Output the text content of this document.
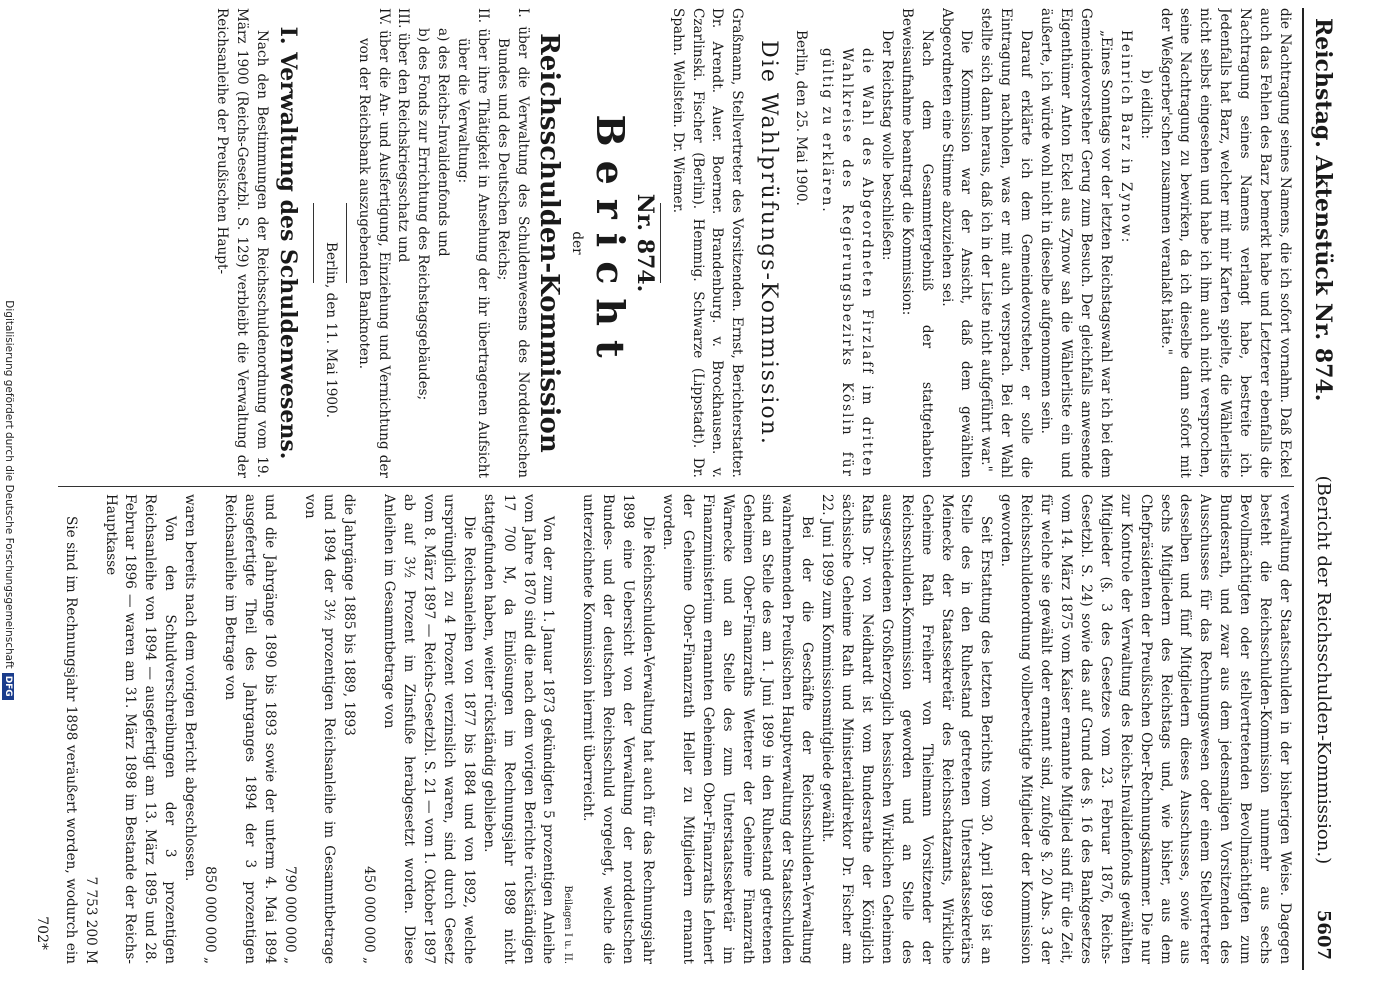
Reichstag. Aktenstück Nr. 874.
(Bericht der Reichsschulden-Kommission.)        5607

die Nachtragung seines Namens, die ich sofort vornahm. Daß Eckel auch das Fehlen des Barz bemerkt habe und Letzterer ebenfalls die Nachtragung seines Namens verlangt habe, bestreite ich. Jedenfalls hat Barz, welcher mit mir Karten spielte, die Wählerliste nicht selbst eingesehen und habe ich ihm auch nicht versprochen, seine Nachtragung zu bewirken, da ich dieselbe dann sofort mit der Weßgerber'schen zusammen veranlaßt hätte."

b) eidlich:

Heinrich Barz in Zynow:

„Eines Sonntags vor der letzten Reichstagswahl war ich bei dem Gemeindevorsteher Gerug zum Besuch. Der gleichfalls anwesende Eigenthümer Anton Eckel aus Zynow sah die Wählerliste ein und äußerte, ich würde wohl nicht in dieselbe aufgenommen sein.

Darauf erklärte ich dem Gemeindevorsteher, er solle die Eintragung nachholen, was er mit auch versprach. Bei der Wahl stellte sich dann heraus, daß ich in der Liste nicht aufgeführt war."

Die Kommission war der Ansicht, daß dem gewählten Abgeordneten eine Stimme abzuziehen sei.

Nach dem Gesammtergebniß der stattgehabten Beweisaufnahme beantragt die Kommission:

Der Reichstag wolle beschließen:

die Wahl des Abgeordneten Firzlaff im dritten Wahlkreise des Regierungsbezirks Köslin für gültig zu erklären.

Berlin, den 25. Mai 1900.

Die Wahlprüfungs-Kommission.

Graßmann, Stellvertreter des Vorsitzenden. Ernst, Berichterstatter. Dr. Arendt. Auer. Boerner. Brandenburg. v. Brockhausen. v. Czarlinski. Fischer (Berlin). Hemmig. Schwarze (Lippstadt). Dr. Spahn. Wellstein. Dr. Wiemer.

Nr. 874.

Bericht

der

Reichsschulden-Kommission

I. über die Verwaltung des Schuldenwesens des Norddeutschen Bundes und des Deutschen Reichs;

II. über ihre Thätigkeit in Ansehung der ihr übertragenen Aufsicht über die Verwaltung:

a) des Reichs-Invalidenfonds und

b) des Fonds zur Errichtung des Reichstagsgebäudes;

III. über den Reichskriegsschatz und

IV. über die An- und Ausfertigung, Einziehung und Vernichtung der von der Reichsbank auszugebenden Banknoten.

Berlin, den 11. Mai 1900.

I. Verwaltung des Schuldenwesens.

Nach den Bestimmungen der Reichsschuldenordnung vom 19. März 1900 (Reichs-Gesetzbl. S. 129) verbleibt die Verwaltung der Reichsanleihe der Preußischen Haupt-

verwaltung der Staatsschulden in der bisherigen Weise. Dagegen besteht die Reichsschulden-Kommission nunmehr aus sechs Bevollmächtigten oder stellvertretenden Bevollmächtigten zum Bundesrath, und zwar aus dem jedesmaligen Vorsitzenden des Ausschusses für das Rechnungswesen oder einem Stellvertreter desselben und fünf Mitgliedern dieses Ausschusses, sowie aus sechs Mitgliedern des Reichstags und, wie bisher, aus dem Chefpräsidenten der Preußischen Ober-Rechnungskammer. Die nur zur Kontrole der Verwaltung des Reichs-Invalidenfonds gewählten Mitglieder (§. 3 des Gesetzes vom 23. Februar 1876, Reichs-Gesetzbl. S. 24) sowie das auf Grund des §. 16 des Bankgesetzes vom 14. März 1875 vom Kaiser ernannte Mitglied sind für die Zeit, für welche sie gewählt oder ernannt sind, zufolge §. 20 Abs. 3 der Reichsschuldenordnung vollberechtigte Mitglieder der Kommission geworden.

Seit Erstattung des letzten Berichts vom 30. April 1899 ist an Stelle des in den Ruhestand getretenen Unterstaatssekretärs Meinecke der Staatssekretär des Reichsschatzamts, Wirkliche Geheime Rath Freiherr von Thielmann Vorsitzender der Reichsschulden-Kommission geworden und an Stelle des ausgeschiedenen Großherzoglich hessischen Wirklichen Geheimen Raths Dr. von Neidhardt ist vom Bundesrathe der Königlich sächsische Geheime Rath und Ministerialdirektor Dr. Fischer am 22. Juni 1899 zum Kommissionsmitgliede gewählt.

Bei der die Geschäfte der Reichsschulden-Verwaltung wahrnehmenden Preußischen Hauptverwaltung der Staatsschulden sind an Stelle des am 1. Juni 1899 in den Ruhestand getretenen Geheimen Ober-Finanzraths Wetterer der Geheime Finanzrath Warnecke und an Stelle des zum Unterstaatssekretär im Finanzministerium ernannten Geheimen Ober-Finanzraths Lehnert der Geheime Ober-Finanzrath Heller zu Mitgliedern ernannt worden.

Die Reichsschulden-Verwaltung hat auch für das Rechnungsjahr 1898 eine Uebersicht von der Verwaltung der norddeutschen Bundes- und der deutschen Reichsschuld vorgelegt, welche die unterzeichnete Kommission hiermit überreicht.

Beilagen I u. II.

Von der zum 1. Januar 1873 gekündigten 5 prozentigen Anleihe vom Jahre 1870 sind die nach dem vorigen Berichte rückständigen 17 700 M, da Einlösungen im Rechnungsjahr 1898 nicht stattgefunden haben, weiter rückständig geblieben.

Die Reichsanleihen von 1877 bis 1884 und von 1892, welche ursprünglich zu 4 Prozent verzinslich waren, sind durch Gesetz vom 8. März 1897 — Reichs-Gesetzbl. S. 21 — vom 1. Oktober 1897 ab auf 3½ Prozent im Zinsfuße herabgesetzt worden. Diese Anleihen im Gesammtbetrage von

450 000 000 „

die Jahrgänge 1885 bis 1889, 1893

und 1894 der 3½ prozentigen Reichsanleihe im Gesammtbetrage von

790 000 000 „

und die Jahrgänge 1890 bis 1893 sowie der unterm 4. Mai 1894 ausgefertigte Theil des Jahrganges 1894 der 3 prozentigen Reichsanleihe im Betrage von

850 000 000 „

waren bereits nach dem vorigen Bericht abgeschlossen.

Von den Schuldverschreibungen der 3 prozentigen Reichsanleihe von 1894 — ausgefertigt am 13. März 1895 und 28. Februar 1896 — waren am 31. März 1898 im Bestande der Reichs-Hauptkasse

7 753 200 M

Sie sind im Rechnungsjahr 1898 veräußert worden, wodurch ein

702*
Digitalisierung gefördert durch die Deutsche ForschungsgemeinschaftDFG
